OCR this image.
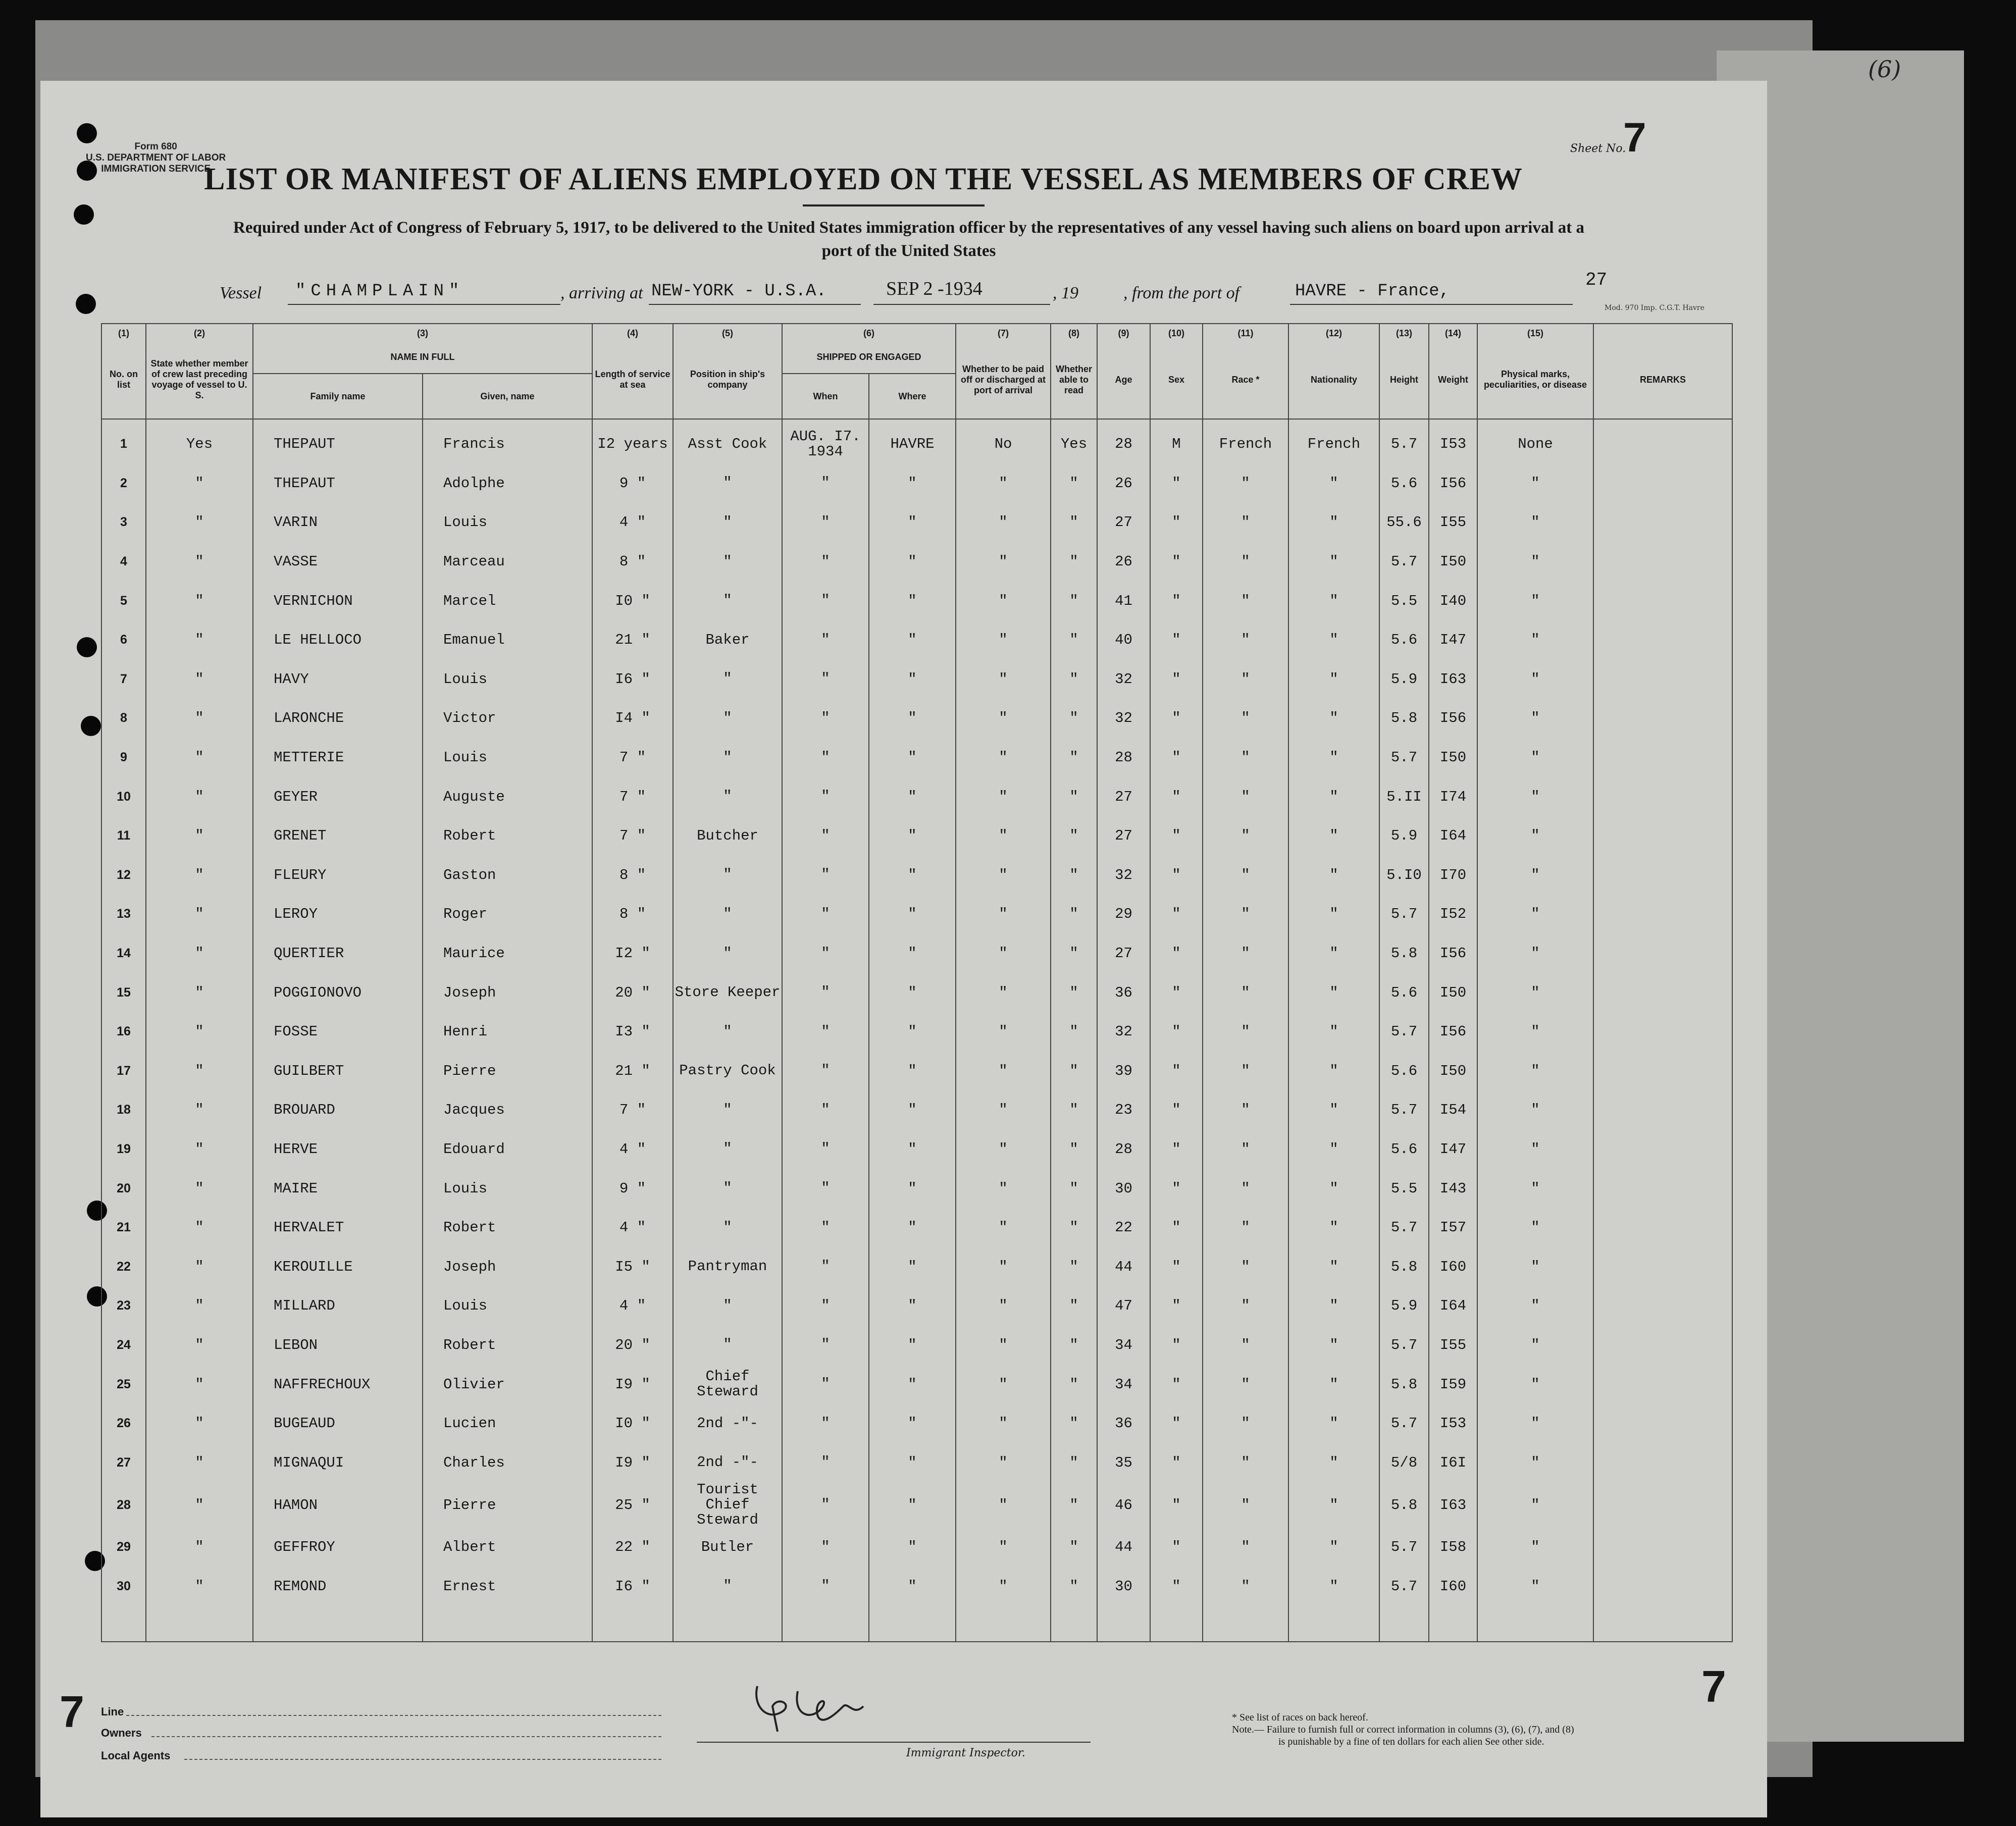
(6)
Form 680
U.S. DEPARTMENT OF LABOR
IMMIGRATION SERVICE
Sheet No.
7
LIST OR MANIFEST OF ALIENS EMPLOYED ON THE VESSEL AS MEMBERS OF CREW
Required under Act of Congress of February 5, 1917, to be delivered to the United States immigration officer by the representatives of any vessel having such aliens on board upon arrival at a
port of the United States
Vessel "CHAMPLAIN"	, arriving at NEW-YORK - U.S.A.	SEP 2 -1934	, 19	, from the port of	HAVRE - France,
27
Mod. 970 Imp. C.G.T. Havre
(1)	(2)	(3)		(4)	(5)	(6)		(7)	(8)	(9)	(10)	(11)	(12)	(13)	(14)	(15)	
No. on list	State whether member of crew last preceding voyage of vessel to U. S.	NAME IN FULL		Length of service at sea	Position in ship's company	SHIPPED OR ENGAGED		Whether to be paid off or discharged at port of arrival	Whether able to read	Age	Sex	Race *	Nationality	Height	Weight	Physical marks, peculiarities, or disease	REMARKS
		Family name	Given, name			When	Where										
1	Yes	THEPAUT	Francis	I2 years	Asst Cook	AUG. I7. 1934	HAVRE	No	Yes	28	M	French	French	5.7	I53	None	
2	"	THEPAUT	Adolphe	9 "	"	"	"	"	"	26	"	"	"	5.6	I56	"	
3	"	VARIN	Louis	4 "	"	"	"	"	"	27	"	"	"	55.6	I55	"	
4	"	VASSE	Marceau	8 "	"	"	"	"	"	26	"	"	"	5.7	I50	"	
5	"	VERNICHON	Marcel	I0 "	"	"	"	"	"	41	"	"	"	5.5	I40	"	
6	"	LE HELLOCO	Emanuel	21 "	Baker	"	"	"	"	40	"	"	"	5.6	I47	"	
7	"	HAVY	Louis	I6 "	"	"	"	"	"	32	"	"	"	5.9	I63	"	
8	"	LARONCHE	Victor	I4 "	"	"	"	"	"	32	"	"	"	5.8	I56	"	
9	"	METTERIE	Louis	7 "	"	"	"	"	"	28	"	"	"	5.7	I50	"	
10	"	GEYER	Auguste	7 "	"	"	"	"	"	27	"	"	"	5.II	I74	"	
11	"	GRENET	Robert	7 "	Butcher	"	"	"	"	27	"	"	"	5.9	I64	"	
12	"	FLEURY	Gaston	8 "	"	"	"	"	"	32	"	"	"	5.I0	I70	"	
13	"	LEROY	Roger	8 "	"	"	"	"	"	29	"	"	"	5.7	I52	"	
14	"	QUERTIER	Maurice	I2 "	"	"	"	"	"	27	"	"	"	5.8	I56	"	
15	"	POGGIONOVO	Joseph	20 "	Store Keeper	"	"	"	"	36	"	"	"	5.6	I50	"	
16	"	FOSSE	Henri	I3 "	"	"	"	"	"	32	"	"	"	5.7	I56	"	
17	"	GUILBERT	Pierre	21 "	Pastry Cook	"	"	"	"	39	"	"	"	5.6	I50	"	
18	"	BROUARD	Jacques	7 "	"	"	"	"	"	23	"	"	"	5.7	I54	"	
19	"	HERVE	Edouard	4 "	"	"	"	"	"	28	"	"	"	5.6	I47	"	
20	"	MAIRE	Louis	9 "	"	"	"	"	"	30	"	"	"	5.5	I43	"	
21	"	HERVALET	Robert	4 "	"	"	"	"	"	22	"	"	"	5.7	I57	"	
22	"	KEROUILLE	Joseph	I5 "	Pantryman	"	"	"	"	44	"	"	"	5.8	I60	"	
23	"	MILLARD	Louis	4 "	"	"	"	"	"	47	"	"	"	5.9	I64	"	
24	"	LEBON	Robert	20 "	"	"	"	"	"	34	"	"	"	5.7	I55	"	
25	"	NAFFRECHOUX	Olivier	I9 "	Chief Steward	"	"	"	"	34	"	"	"	5.8	I59	"	
26	"	BUGEAUD	Lucien	I0 "	2nd -"-	"	"	"	"	36	"	"	"	5.7	I53	"	
27	"	MIGNAQUI	Charles	I9 "	2nd -"-	"	"	"	"	35	"	"	"	5/8	I6I	"	
28	"	HAMON	Pierre	25 "	Tourist Chief Steward	"	"	"	"	46	"	"	"	5.8	I63	"	
29	"	GEFFROY	Albert	22 "	Butler	"	"	"	"	44	"	"	"	5.7	I58	"	
30	"	REMOND	Ernest	I6 "	"	"	"	"	"	30	"	"	"	5.7	I60	"	

7
7
Line
Owners
Local Agents	Immigrant Inspector.
* See list of races on back hereof.
Note.— Failure to furnish full or correct information in columns (3), (6), (7), and (8)
is punishable by a fine of ten dollars for each alien See other side.
